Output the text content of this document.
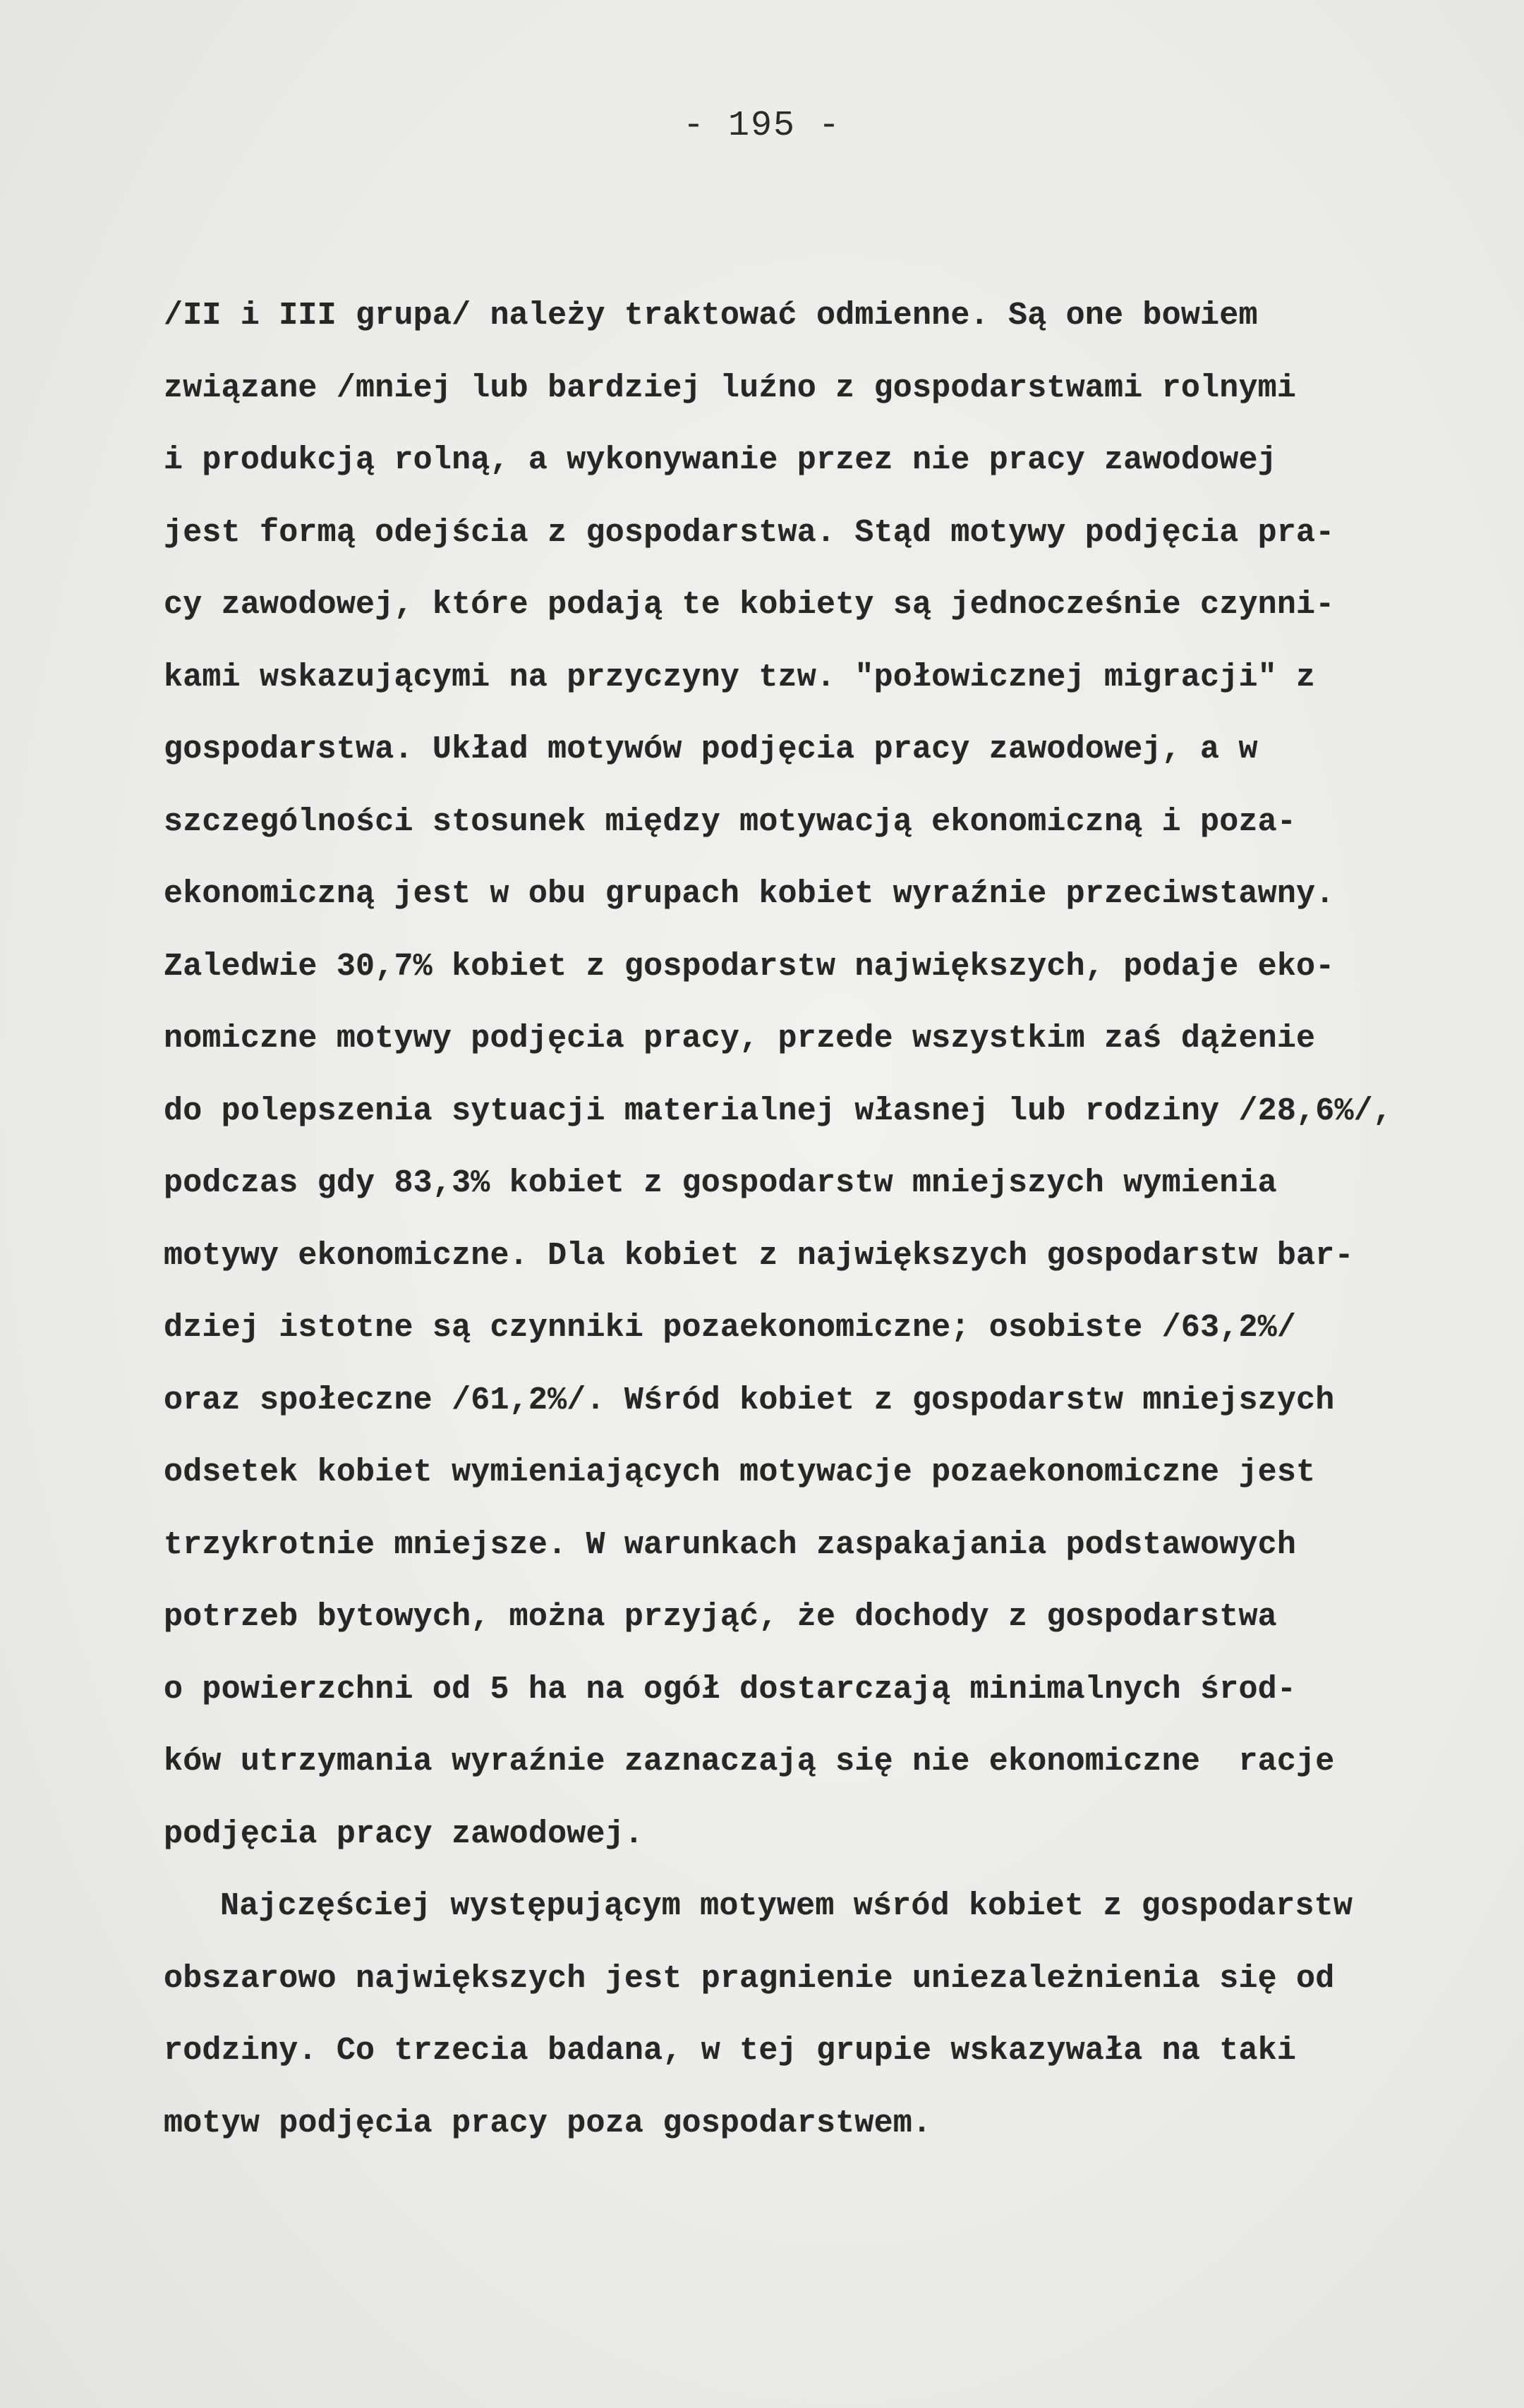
- 195 -
/II i III grupa/ należy traktować odmienne. Są one bowiem
związane /mniej lub bardziej luźno z gospodarstwami rolnymi
i produkcją rolną, a wykonywanie przez nie pracy zawodowej
jest formą odejścia z gospodarstwa. Stąd motywy podjęcia pra-
cy zawodowej, które podają te kobiety są jednocześnie czynni-
kami wskazującymi na przyczyny tzw. "połowicznej migracji" z
gospodarstwa. Układ motywów podjęcia pracy zawodowej, a w
szczególności stosunek między motywacją ekonomiczną i poza-
ekonomiczną jest w obu grupach kobiet wyraźnie przeciwstawny.
Zaledwie 30,7% kobiet z gospodarstw największych, podaje eko-
nomiczne motywy podjęcia pracy, przede wszystkim zaś dążenie
do polepszenia sytuacji materialnej własnej lub rodziny /28,6%/,
podczas gdy 83,3% kobiet z gospodarstw mniejszych wymienia
motywy ekonomiczne. Dla kobiet z największych gospodarstw bar-
dziej istotne są czynniki pozaekonomiczne; osobiste /63,2%/
oraz społeczne /61,2%/. Wśród kobiet z gospodarstw mniejszych
odsetek kobiet wymieniających motywacje pozaekonomiczne jest
trzykrotnie mniejsze. W warunkach zaspakajania podstawowych
potrzeb bytowych, można przyjąć, że dochody z gospodarstwa
o powierzchni od 5 ha na ogół dostarczają minimalnych środ-
ków utrzymania wyraźnie zaznaczają się nie ekonomiczne  racje
podjęcia pracy zawodowej.
Najczęściej występującym motywem wśród kobiet z gospodarstw
obszarowo największych jest pragnienie uniezależnienia się od
rodziny. Co trzecia badana, w tej grupie wskazywała na taki
motyw podjęcia pracy poza gospodarstwem.
